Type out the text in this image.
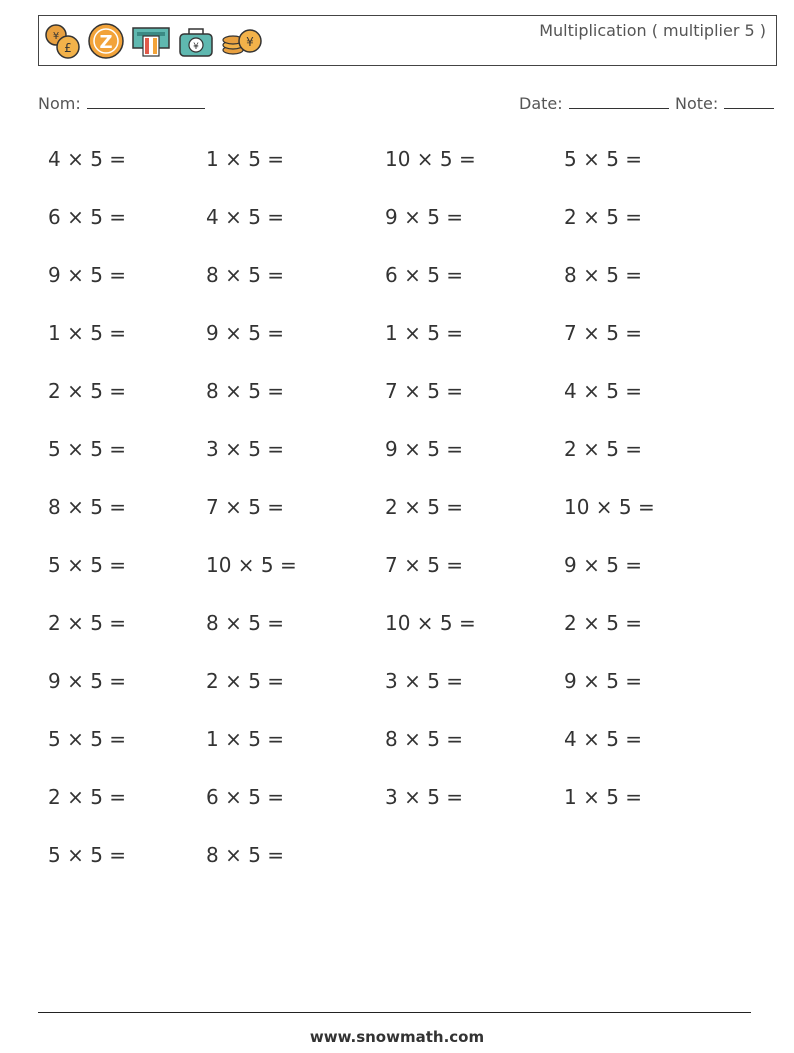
¥
£ Z	¥	¥
Multiplication ( multiplier 5 )
Nom:	Date:	Note:
4 × 5 =	1 × 5 =	10 × 5 =	5 × 5 =
6 × 5 =	4 × 5 =	9 × 5 =	2 × 5 =
9 × 5 =	8 × 5 =	6 × 5 =	8 × 5 =
1 × 5 =	9 × 5 =	1 × 5 =	7 × 5 =
2 × 5 =	8 × 5 =	7 × 5 =	4 × 5 =
5 × 5 =	3 × 5 =	9 × 5 =	2 × 5 =
8 × 5 =	7 × 5 =	2 × 5 =	10 × 5 =
5 × 5 =	10 × 5 =	7 × 5 =	9 × 5 =
2 × 5 =	8 × 5 =	10 × 5 =	2 × 5 =
9 × 5 =	2 × 5 =	3 × 5 =	9 × 5 =
5 × 5 =	1 × 5 =	8 × 5 =	4 × 5 =
2 × 5 =	6 × 5 =	3 × 5 =	1 × 5 =
5 × 5 =	8 × 5 =
www.snowmath.com
